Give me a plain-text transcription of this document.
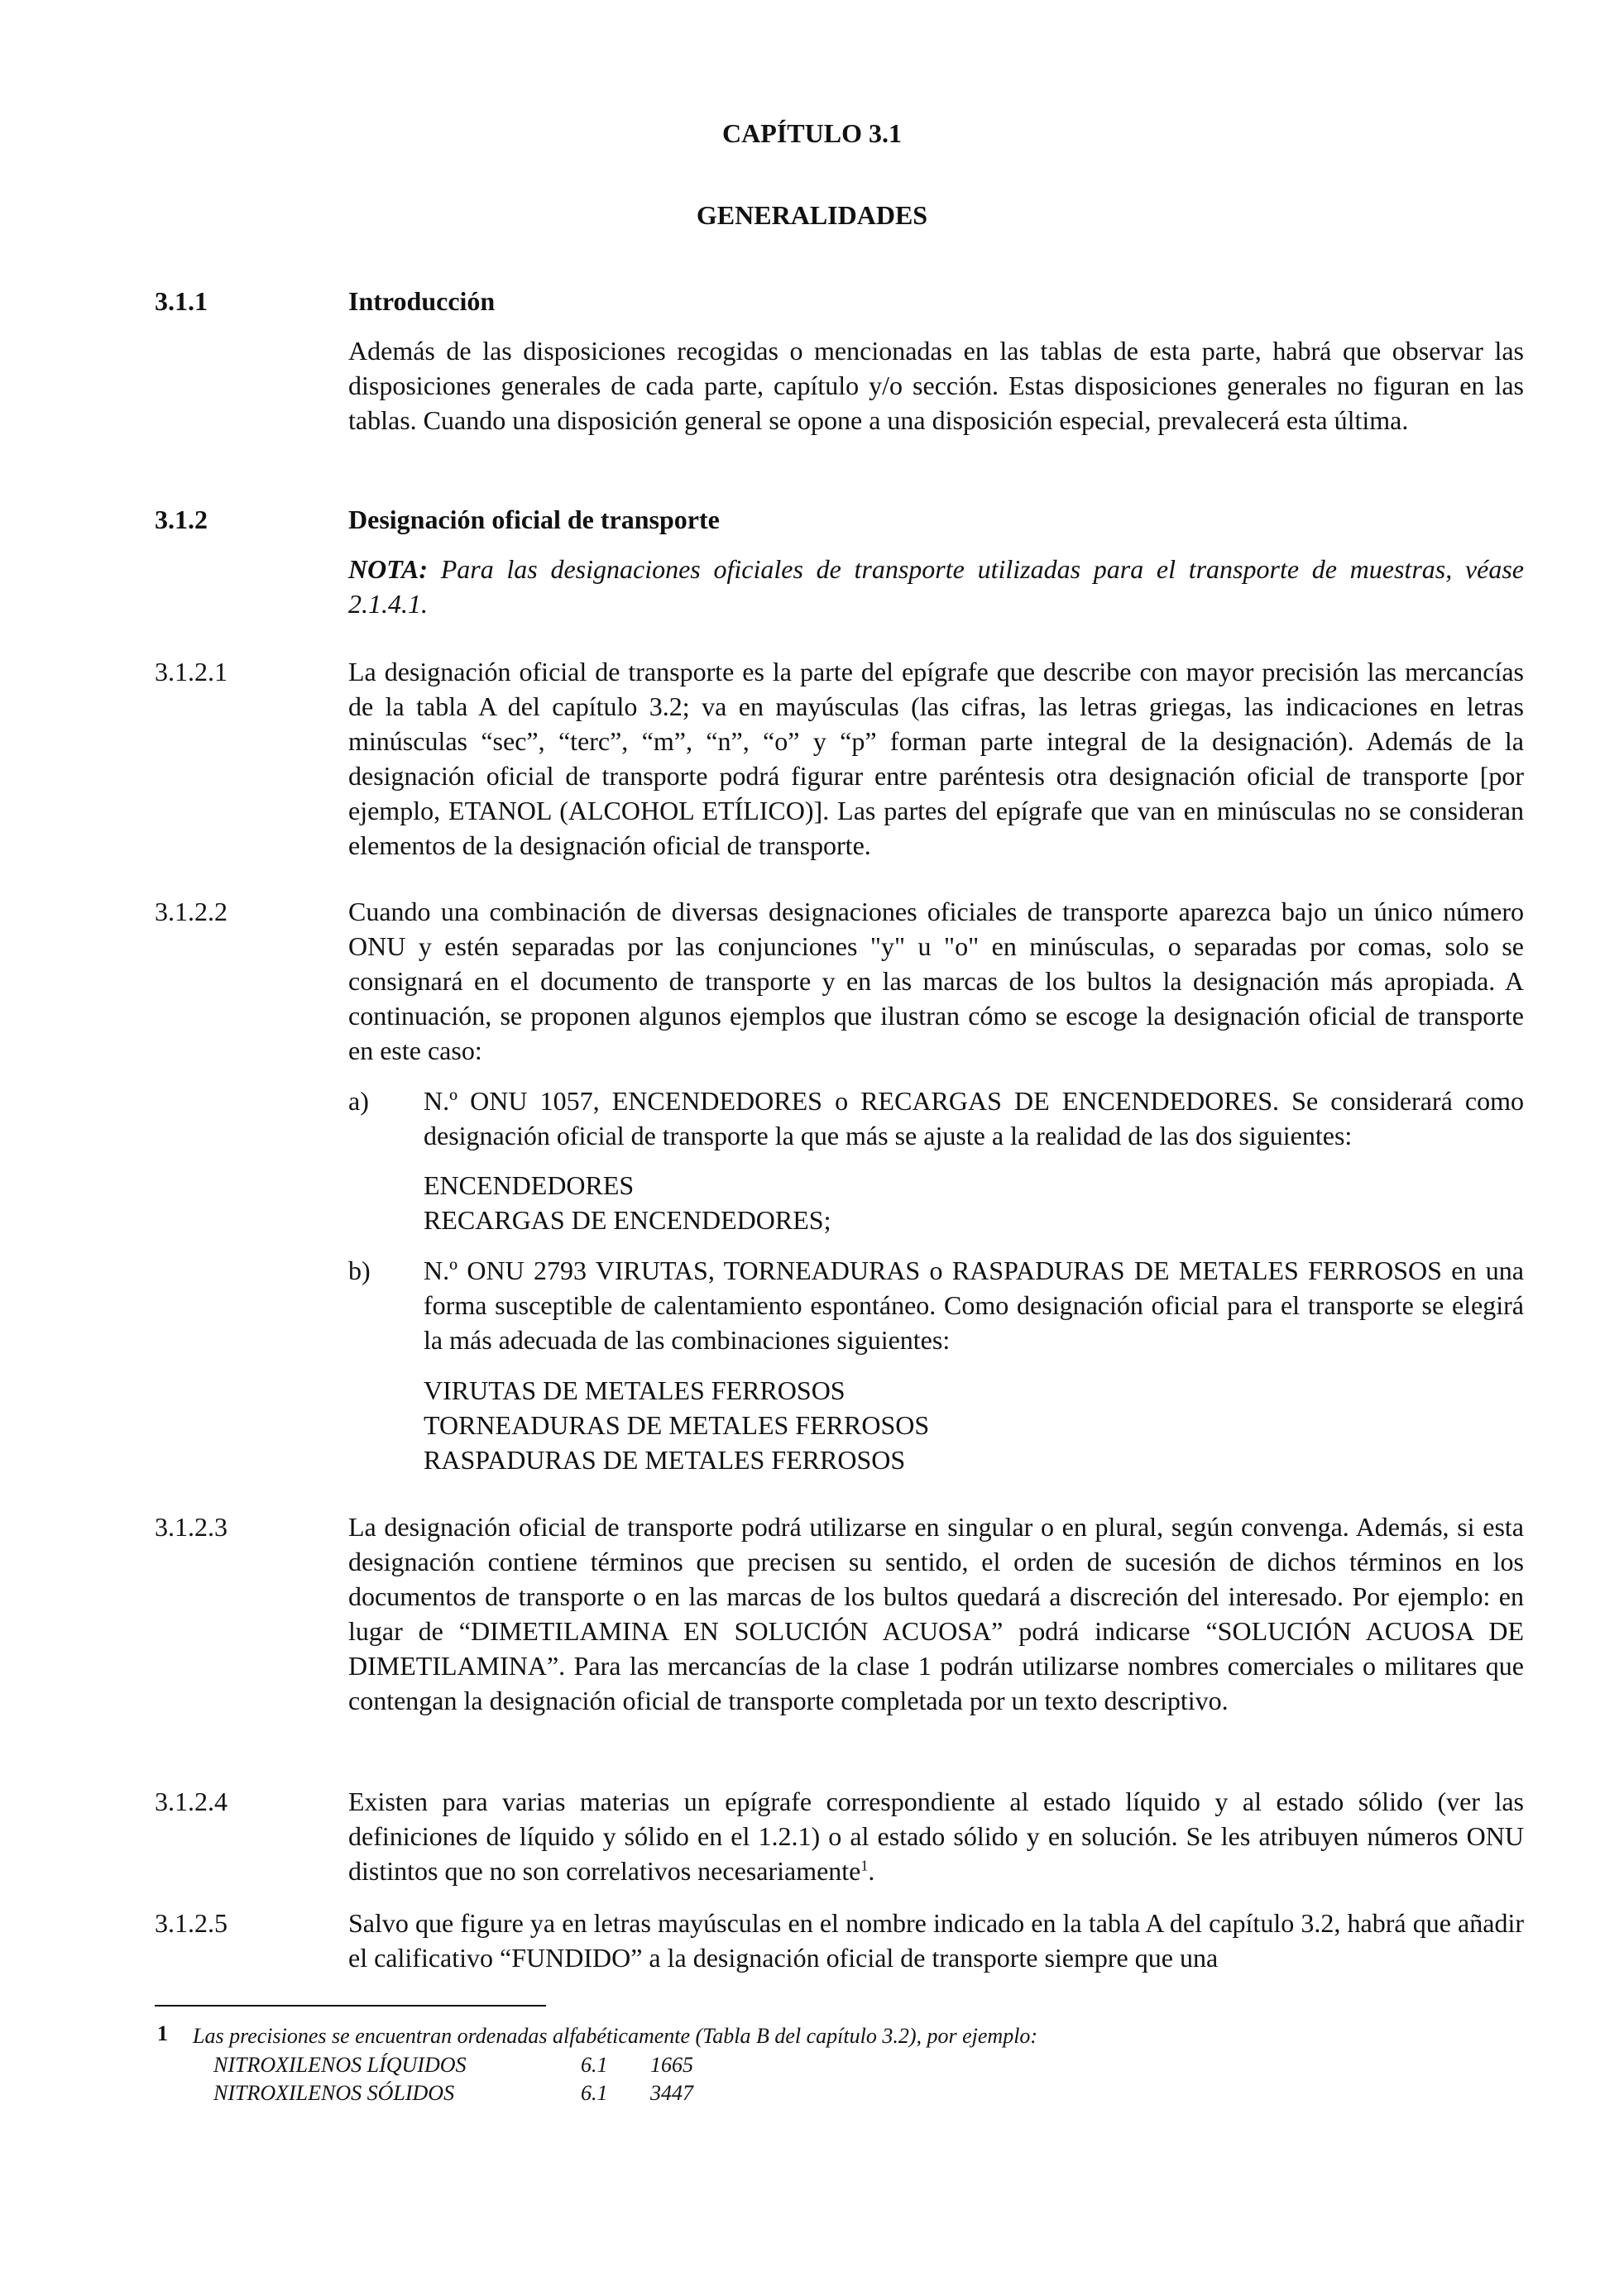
CAPÍTULO 3.1
GENERALIDADES
3.1.1	Introducción
Además de las disposiciones recogidas o mencionadas en las tablas de esta parte, habrá que observar las disposiciones generales de cada parte, capítulo y/o sección. Estas disposiciones generales no figuran en las tablas. Cuando una disposición general se opone a una disposición especial, prevalecerá esta última.
3.1.2	Designación oficial de transporte
NOTA: Para las designaciones oficiales de transporte utilizadas para el transporte de muestras, véase 2.1.4.1.
3.1.2.1	La designación oficial de transporte es la parte del epígrafe que describe con mayor precisión las mercancías de la tabla A del capítulo 3.2; va en mayúsculas (las cifras, las letras griegas, las indicaciones en letras minúsculas “sec”, “terc”, “m”, “n”, “o” y “p” forman parte integral de la designación). Además de la designación oficial de transporte podrá figurar entre paréntesis otra designación oficial de transporte [por ejemplo, ETANOL (ALCOHOL ETÍLICO)]. Las partes del epígrafe que van en minúsculas no se consideran elementos de la designación oficial de transporte.
3.1.2.2	Cuando una combinación de diversas designaciones oficiales de transporte aparezca bajo un único número ONU y estén separadas por las conjunciones "y" u "o" en minúsculas, o separadas por comas, solo se consignará en el documento de transporte y en las marcas de los bultos la designación más apropiada. A continuación, se proponen algunos ejemplos que ilustran cómo se escoge la designación oficial de transporte en este caso:
a) N.º ONU 1057, ENCENDEDORES o RECARGAS DE ENCENDEDORES. Se considerará como designación oficial de transporte la que más se ajuste a la realidad de las dos siguientes:
ENCENDEDORES
RECARGAS DE ENCENDEDORES;
b) N.º ONU 2793 VIRUTAS, TORNEADURAS o RASPADURAS DE METALES FERROSOS en una forma susceptible de calentamiento espontáneo. Como designación oficial para el transporte se elegirá la más adecuada de las combinaciones siguientes:
VIRUTAS DE METALES FERROSOS
TORNEADURAS DE METALES FERROSOS
RASPADURAS DE METALES FERROSOS
3.1.2.3	La designación oficial de transporte podrá utilizarse en singular o en plural, según convenga. Además, si esta designación contiene términos que precisen su sentido, el orden de sucesión de dichos términos en los documentos de transporte o en las marcas de los bultos quedará a discreción del interesado. Por ejemplo: en lugar de “DIMETILAMINA EN SOLUCIÓN ACUOSA” podrá indicarse “SOLUCIÓN ACUOSA DE DIMETILAMINA”. Para las mercancías de la clase 1 podrán utilizarse nombres comerciales o militares que contengan la designación oficial de transporte completada por un texto descriptivo.
3.1.2.4	Existen para varias materias un epígrafe correspondiente al estado líquido y al estado sólido (ver las definiciones de líquido y sólido en el 1.2.1) o al estado sólido y en solución. Se les atribuyen números ONU distintos que no son correlativos necesariamente$^1$.
3.1.2.5	Salvo que figure ya en letras mayúsculas en el nombre indicado en la tabla A del capítulo 3.2, habrá que añadir el calificativo “FUNDIDO” a la designación oficial de transporte siempre que una
1 Las precisiones se encuentran ordenadas alfabéticamente (Tabla B del capítulo 3.2), por ejemplo:
NITROXILENOS LÍQUIDOS	6.1 1665
NITROXILENOS SÓLIDOS	6.1 3447
